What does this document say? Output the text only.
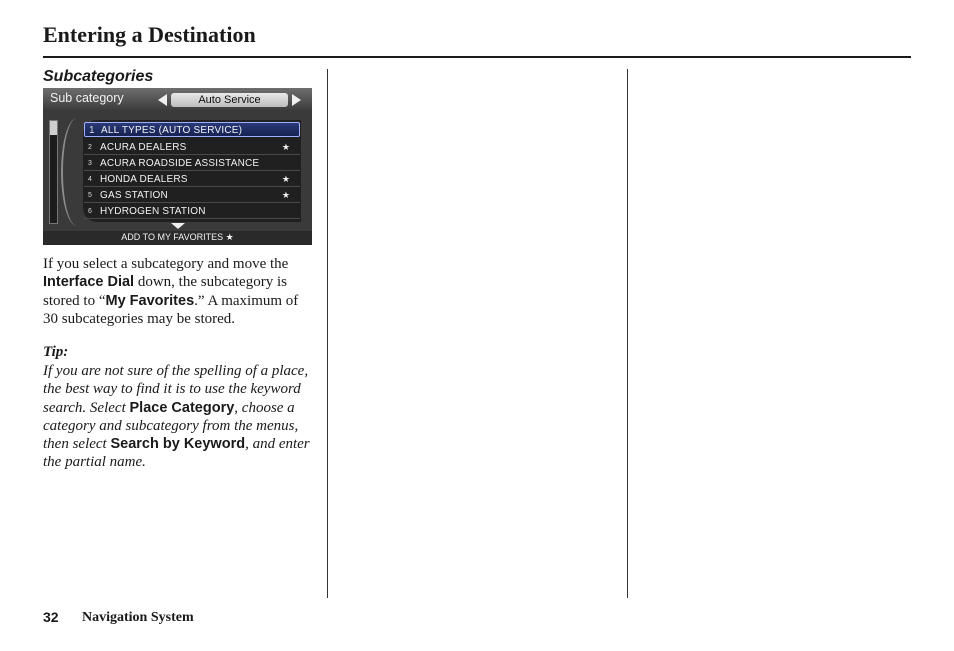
Entering a Destination
Subcategories
Sub category	Auto Service
1 ALL TYPES (AUTO SERVICE)
2 ACURA DEALERS	★
3 ACURA ROADSIDE ASSISTANCE
4 HONDA DEALERS	★
5 GAS STATION	★
6 HYDROGEN STATION
ADD TO MY FAVORITES ★
If you select a subcategory and move the Interface Dial down, the subcategory is stored to “My Favorites.” A maximum of 30 subcategories may be stored.
Tip:
If you are not sure of the spelling of a place, the best way to find it is to use the keyword search. Select Place Category, choose a category and subcategory from the menus, then select Search by Keyword, and enter the partial name.
32 Navigation System
